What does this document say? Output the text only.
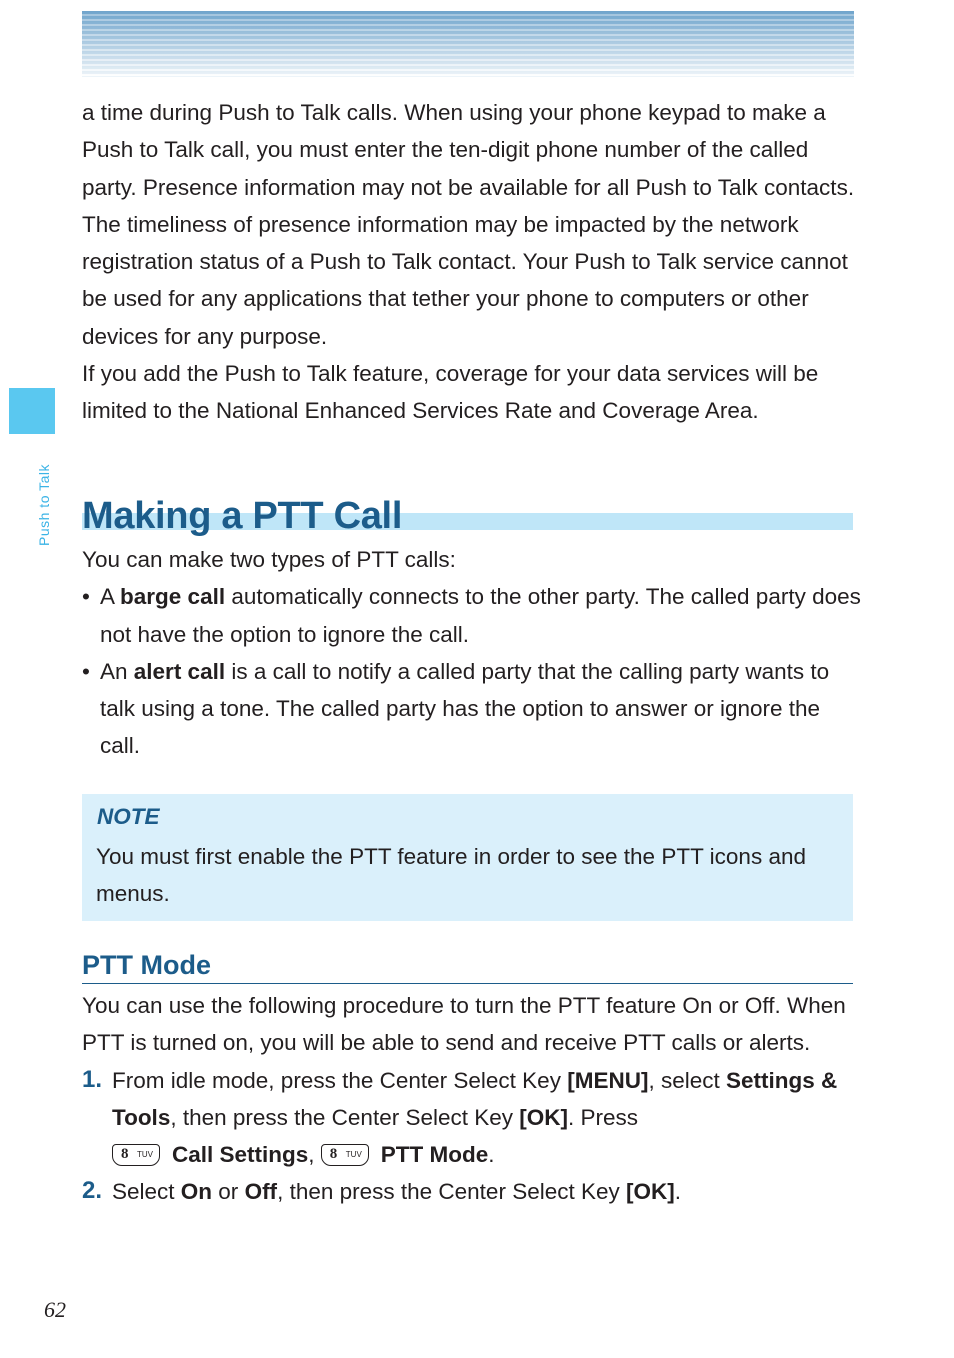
Push to Talk

a time during Push to Talk calls. When using your phone keypad to make a Push to Talk call, you must enter the ten-digit phone number of the called party. Presence information may not be available for all Push to Talk contacts. The timeliness of presence information may be impacted by the network registration status of a Push to Talk contact. Your Push to Talk service cannot be used for any applications that tether your phone to computers or other devices for any purpose.

If you add the Push to Talk feature, coverage for your data services will be limited to the National Enhanced Services Rate and Coverage Area.

Making a PTT Call

You can make two types of PTT calls:

• A barge call automatically connects to the other party. The called party does not have the option to ignore the call.

• An alert call is a call to notify a called party that the calling party wants to talk using a tone. The called party has the option to answer or ignore the call.

NOTE
You must first enable the PTT feature in order to see the PTT icons and menus.
PTT Mode

You can use the following procedure to turn the PTT feature On or Off. When PTT is turned on, you will be able to send and receive PTT calls or alerts.

1. From idle mode, press the Center Select Key [MENU], select Settings & Tools, then press the Center Select Key [OK]. Press

8 TUV Call Settings, 8 TUV PTT Mode.

2. Select On or Off, then press the Center Select Key [OK].

62
